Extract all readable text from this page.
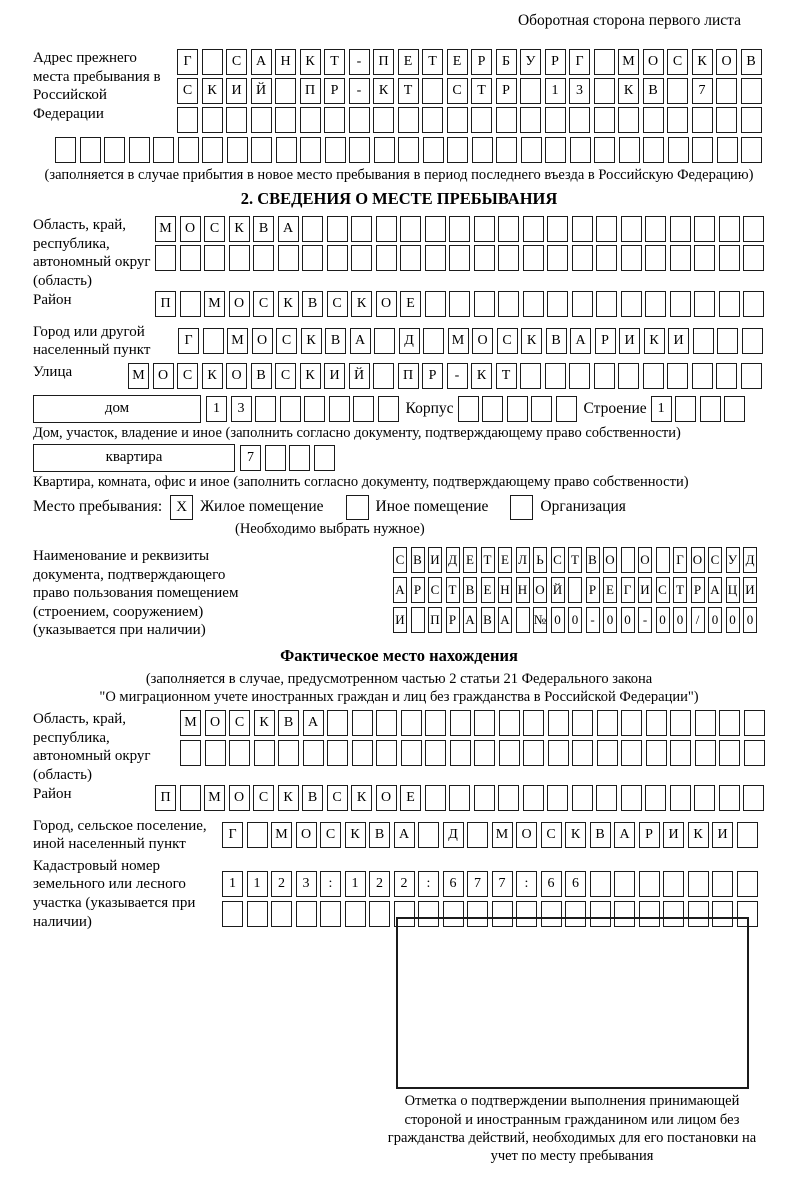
Оборотная сторона первого листа
Адрес прежнего места пребывания в Российской Федерации
Г	С	А	Н	К	Т	-	П	Е	Т	Е	Р	Б	У	Р	Г	М О	С	К	О	В
С	К	И	Й	П	Р	-	К	Т	С	Т	Р	1	3	К	В	7
(заполняется в случае прибытия в новое место пребывания в период последнего въезда в Российскую Федерацию)
2. СВЕДЕНИЯ О МЕСТЕ ПРЕБЫВАНИЯ
Область, край, республика, автономный округ (область)
М О	С	К	В	А
Район	П	М О	С	К	В	С	К	О	Е
Город или другой населенный пункт
Г	М О	С	К	В	А	Д	М О	С	К	В	А	Р	И	К	И
Улица	М О	С	К	О	В	С	К	И	Й	П	Р	-	К	Т
дом	1	3	Корпус	Строение 1
Дом, участок, владение и иное (заполнить согласно документу, подтверждающему право собственности)
квартира	7
Квартира, комната, офис и иное (заполнить согласно документу, подтверждающему право собственности)
Место пребывания: X Жилое помещение	Иное помещение	Организация
(Необходимо выбрать нужное)
Наименование и реквизиты документа, подтверждающего право пользования помещением (строением, сооружением) (указывается при наличии)
С В И Д Е Т Е Л Ь С Т В О О Г О С У Д
А Р С Т В Е Н Н О Й Р Е Г И С Т Р А Ц И
И П Р А В А № 0 0 - 0 0 - 0 0 / 0 0 0
Фактическое место нахождения
(заполняется в случае, предусмотренном частью 2 статьи 21 Федерального закона
"О миграционном учете иностранных граждан и лиц без гражданства в Российской Федерации")
Область, край, республика, автономный округ (область)
М О	С	К	В	А
Район	П	М О	С	К	В	С	К	О	Е
Город, сельское поселение, иной населенный пункт
Г	М О	С	К	В	А	Д	М О	С	К	В	А	Р	И	К	И
Кадастровый номер земельного или лесного участка (указывается при наличии)
1	1	2	3	:	1	2	2	:	6	7	7	:	6	6
Отметка о подтверждении выполнения принимающей стороной и иностранным гражданином или лицом без гражданства действий, необходимых для его постановки на учет по месту пребывания
